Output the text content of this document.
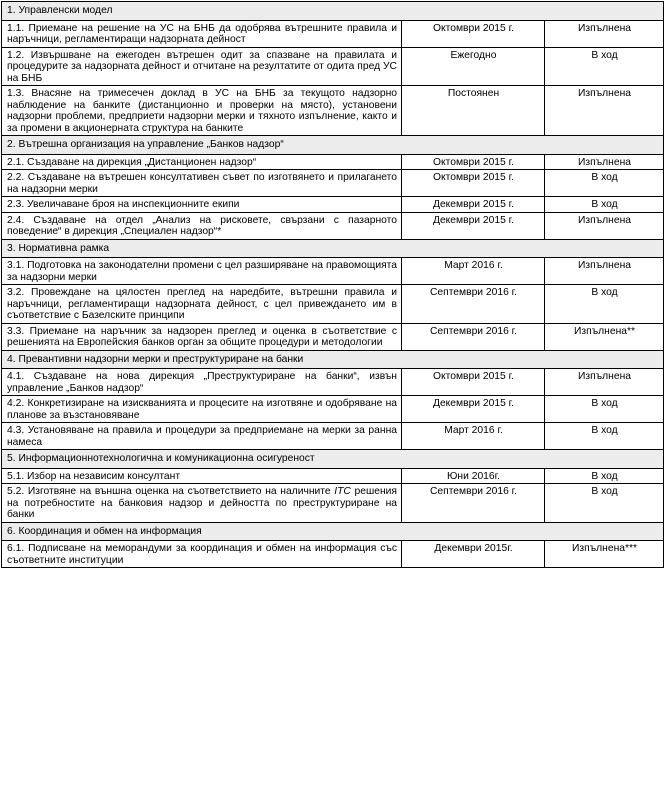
1. Управленски модел		
1.1. Приемане на решение на УС на БНБ да одобрява вътрешните правила и наръчници, регламентиращи надзорната дейност	Октомври 2015 г.	Изпълнена
1.2. Извършване на ежегоден вътрешен одит за спазване на правилата и процедурите за надзорната дейност и отчитане на резултатите от одита пред УС на БНБ	Ежегодно	В ход
1.3. Внасяне на тримесечен доклад в УС на БНБ за текущото надзорно наблюдение на банките (дистанционно и проверки на място), установени надзорни проблеми, предприети надзорни мерки и тяхното изпълнение, както и за промени в акционерната структура на банките	Постоянен	Изпълнена
2. Вътрешна организация на управление „Банков надзор“		
2.1. Създаване на дирекция „Дистанционен надзор“	Октомври 2015 г.	Изпълнена
2.2. Създаване на вътрешен консултативен съвет по изготвянето и прилагането на надзорни мерки	Октомври 2015 г.	В ход
2.3. Увеличаване броя на инспекционните екипи	Декември 2015 г.	В ход
2.4. Създаване на отдел „Анализ на рисковете, свързани с пазарното поведение“ в дирекция „Специален надзор“*	Декември 2015 г.	Изпълнена
3. Нормативна рамка		
3.1. Подготовка на законодателни промени с цел разширяване на правомощията за надзорни мерки	Март 2016 г.	Изпълнена
3.2. Провеждане на цялостен преглед на наредбите, вътрешни правила и наръчници, регламентиращи надзорната дейност, с цел привеждането им в съответствие с Базелските принципи	Септември 2016 г.	В ход
3.3. Приемане на наръчник за надзорен преглед и оценка в съответствие с решенията на Европейския банков орган за общите процедури и методологии	Септември 2016 г.	Изпълнена**
4. Превантивни надзорни мерки и преструктуриране на банки		
4.1. Създаване на нова дирекция „Преструктуриране на банки“, извън управление „Банков надзор“	Октомври 2015 г.	Изпълнена
4.2. Конкретизиране на изискванията и процесите на изготвяне и одобряване на планове за възстановяване	Декември 2015 г.	В ход
4.3. Установяване на правила и процедури за предприемане на мерки за ранна намеса	Март 2016 г.	В ход
5. Информационнотехнологична и комуникационна осигуреност		
5.1. Избор на независим консултант	Юни 2016г.	В ход
5.2. Изготвяне на външна оценка на съответствието на наличните ITC решения на потребностите на банковия надзор и дейността по преструктуриране на банки	Септември 2016 г.	В ход
6. Координация и обмен на информация		
6.1. Подписване на меморандуми за координация и обмен на информация със съответните институции	Декември 2015г.	Изпълнена***
